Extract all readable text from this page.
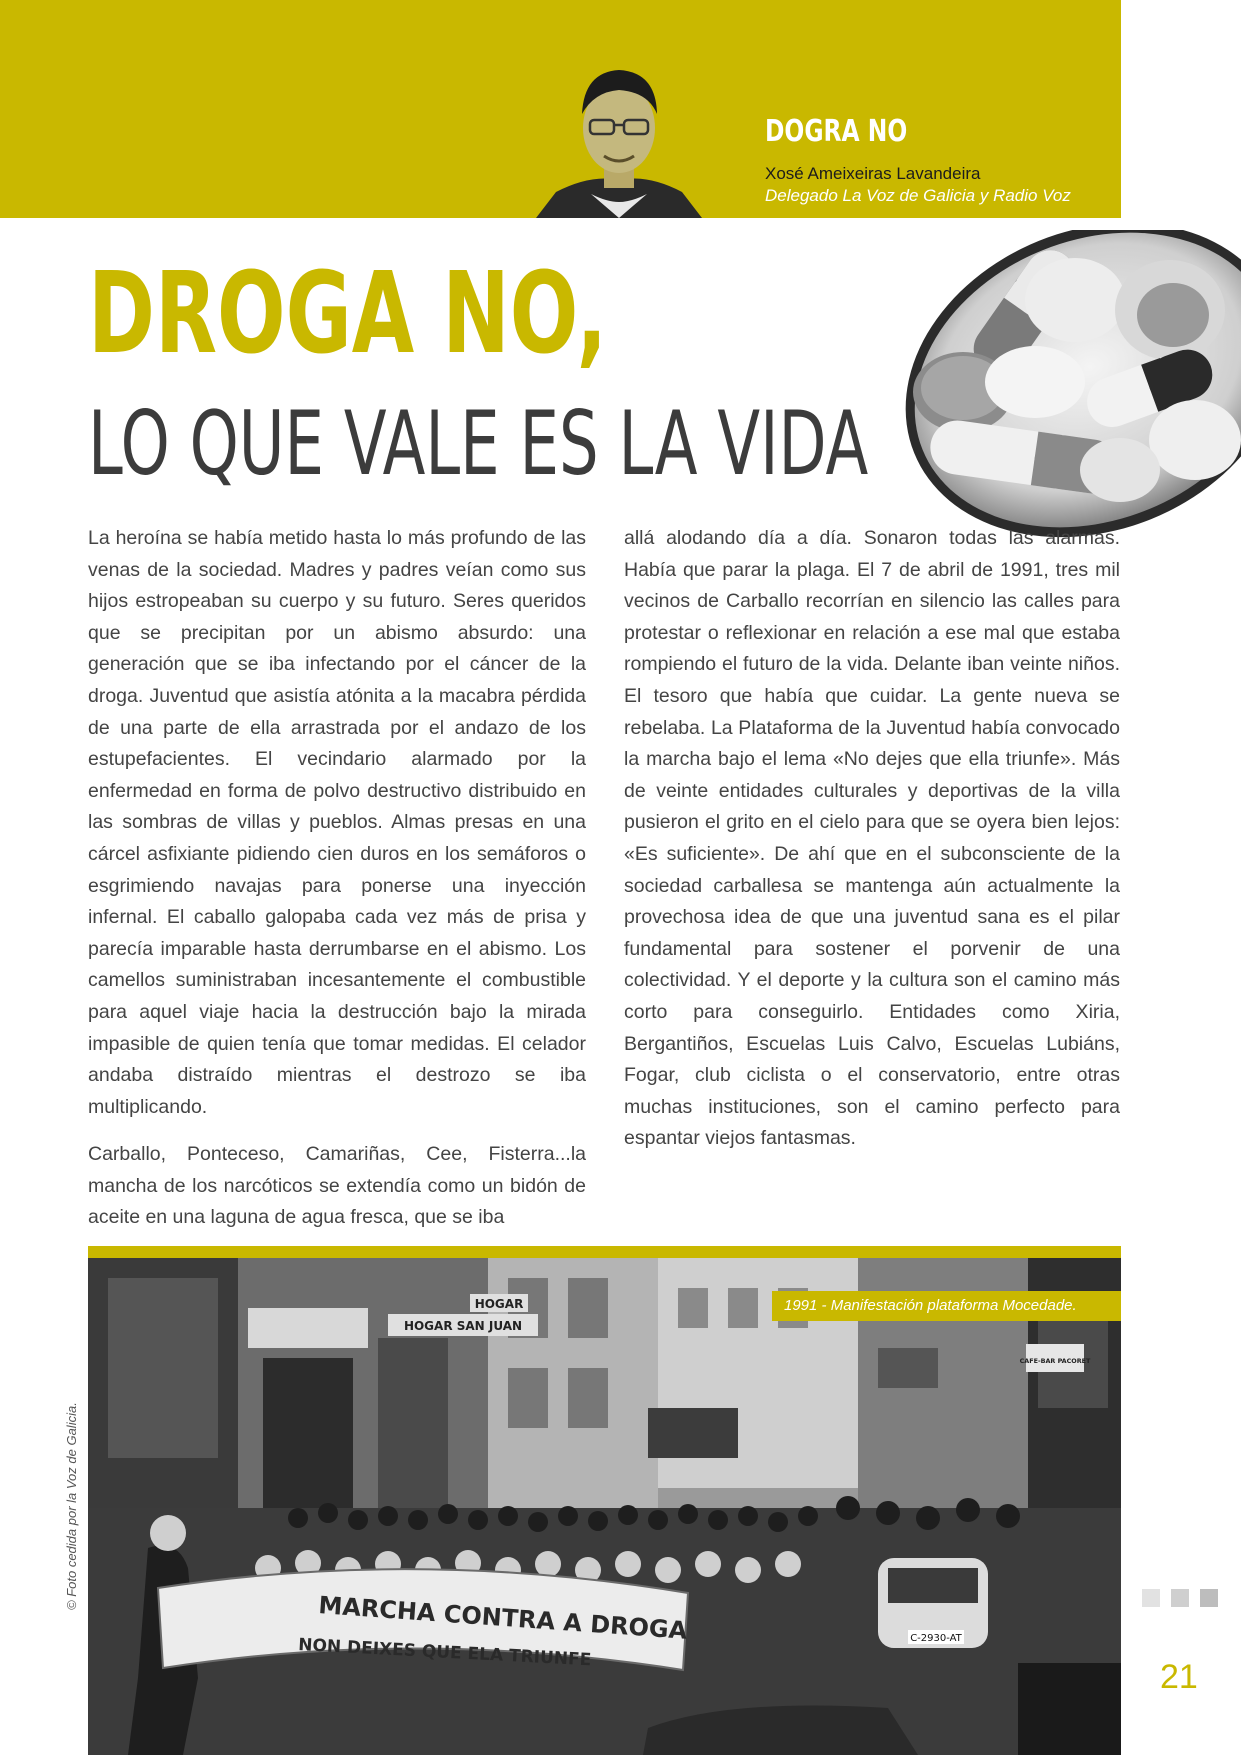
DOGRA NO
Xosé Ameixeiras Lavandeira
Delegado La Voz de Galicia y Radio Voz
DROGA NO,
LO QUE VALE ES LA VIDA

La heroína se había metido hasta lo más profundo de las venas de la sociedad. Madres y padres veían como sus hijos estropeaban su cuerpo y su futuro. Seres queridos que se precipitan por un abismo absurdo: una generación que se iba infectando por el cáncer de la droga. Juventud que asistía atónita a la macabra pérdida de una parte de ella arrastrada por el andazo de los estupefacientes. El vecindario alarmado por la enfermedad en forma de polvo destructivo distribuido en las sombras de villas y pueblos. Almas presas en una cárcel asfixiante pidiendo cien duros en los semáforos o esgrimiendo navajas para ponerse una inyección infernal. El caballo galopaba cada vez más de prisa y parecía imparable hasta derrumbarse en el abismo. Los camellos suministraban incesantemente el combustible para aquel viaje hacia la destrucción bajo la mirada impasible de quien tenía que tomar medidas. El celador andaba distraído mientras el destrozo se iba multiplicando.

Carballo, Ponteceso, Camariñas, Cee, Fisterra...la mancha de los narcóticos se extendía como un bidón de aceite en una laguna de agua fresca, que se iba

allá alodando día a día. Sonaron todas las alarmas. Había que parar la plaga. El 7 de abril de 1991, tres mil vecinos de Carballo recorrían en silencio las calles para protestar o reflexionar en relación a ese mal que estaba rompiendo el futuro de la vida. Delante iban veinte niños. El tesoro que había que cuidar. La gente nueva se rebelaba. La Plataforma de la Juventud había convocado la marcha bajo el lema «No dejes que ella triunfe». Más de veinte entidades culturales y deportivas de la villa pusieron el grito en el cielo para que se oyera bien lejos: «Es suficiente». De ahí que en el subconsciente de la sociedad carballesa se mantenga aún actualmente la provechosa idea de que una juventud sana es el pilar fundamental para sostener el porvenir de una colectividad. Y el deporte y la cultura son el camino más corto para conseguirlo. Entidades como Xiria, Bergantiños, Escuelas Luis Calvo, Escuelas Lubiáns, Fogar, club ciclista o el conservatorio, entre otras muchas instituciones, son el camino perfecto para espantar viejos fantasmas.

C-2930-AT
MARCHA CONTRA A DROGA
NON DEIXES QUE ELA TRIUNFE
HOGAR
HOGAR SAN JUAN
CAFE-BAR PACORET
1991 - Manifestación plataforma Mocedade.
© Foto cedida por la Voz de Galicia.
21
